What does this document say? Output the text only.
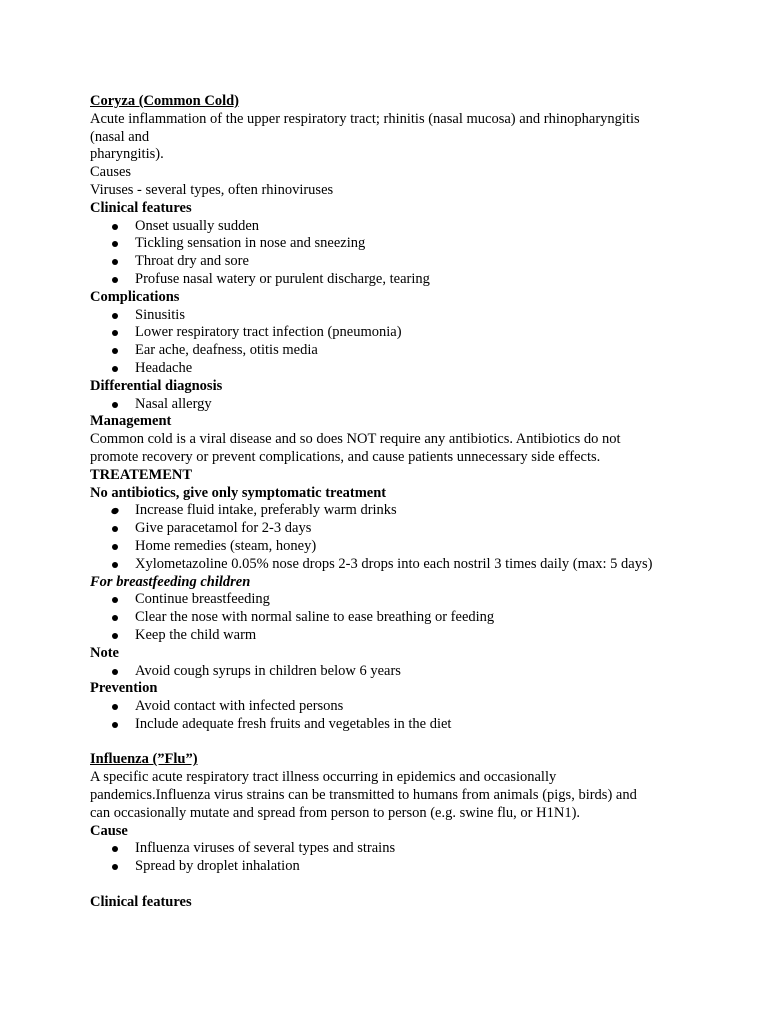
Coryza (Common Cold)

Acute inflammation of the upper respiratory tract; rhinitis (nasal mucosa) and rhinopharyngitis

(nasal and

pharyngitis).

Causes

Viruses - several types, often rhinoviruses

Clinical features

Onset usually sudden
Tickling sensation in nose and sneezing
Throat dry and sore
Profuse nasal watery or purulent discharge, tearing

Complications

Sinusitis
Lower respiratory tract infection (pneumonia)
Ear ache, deafness, otitis media
Headache

Differential diagnosis

Nasal allergy

Management

Common cold is a viral disease and so does NOT require any antibiotics. Antibiotics do not

promote recovery or prevent complications, and cause patients unnecessary side effects.

TREATEMENT

No antibiotics, give only symptomatic treatment

Increase fluid intake, preferably warm drinks
Give paracetamol for 2-3 days
Home remedies (steam, honey)
Xylometazoline 0.05% nose drops 2-3 drops into each nostril 3 times daily (max: 5 days)

For breastfeeding children

Continue breastfeeding
Clear the nose with normal saline to ease breathing or feeding
Keep the child warm

Note

Avoid cough syrups in children below 6 years

Prevention

Avoid contact with infected persons
Include adequate fresh fruits and vegetables in the diet

Influenza (”Flu”)

A specific acute respiratory tract illness occurring in epidemics and occasionally

pandemics.Influenza virus strains can be transmitted to humans from animals (pigs, birds) and

can occasionally mutate and spread from person to person (e.g. swine flu, or H1N1).

Cause

Influenza viruses of several types and strains
Spread by droplet inhalation

Clinical features
